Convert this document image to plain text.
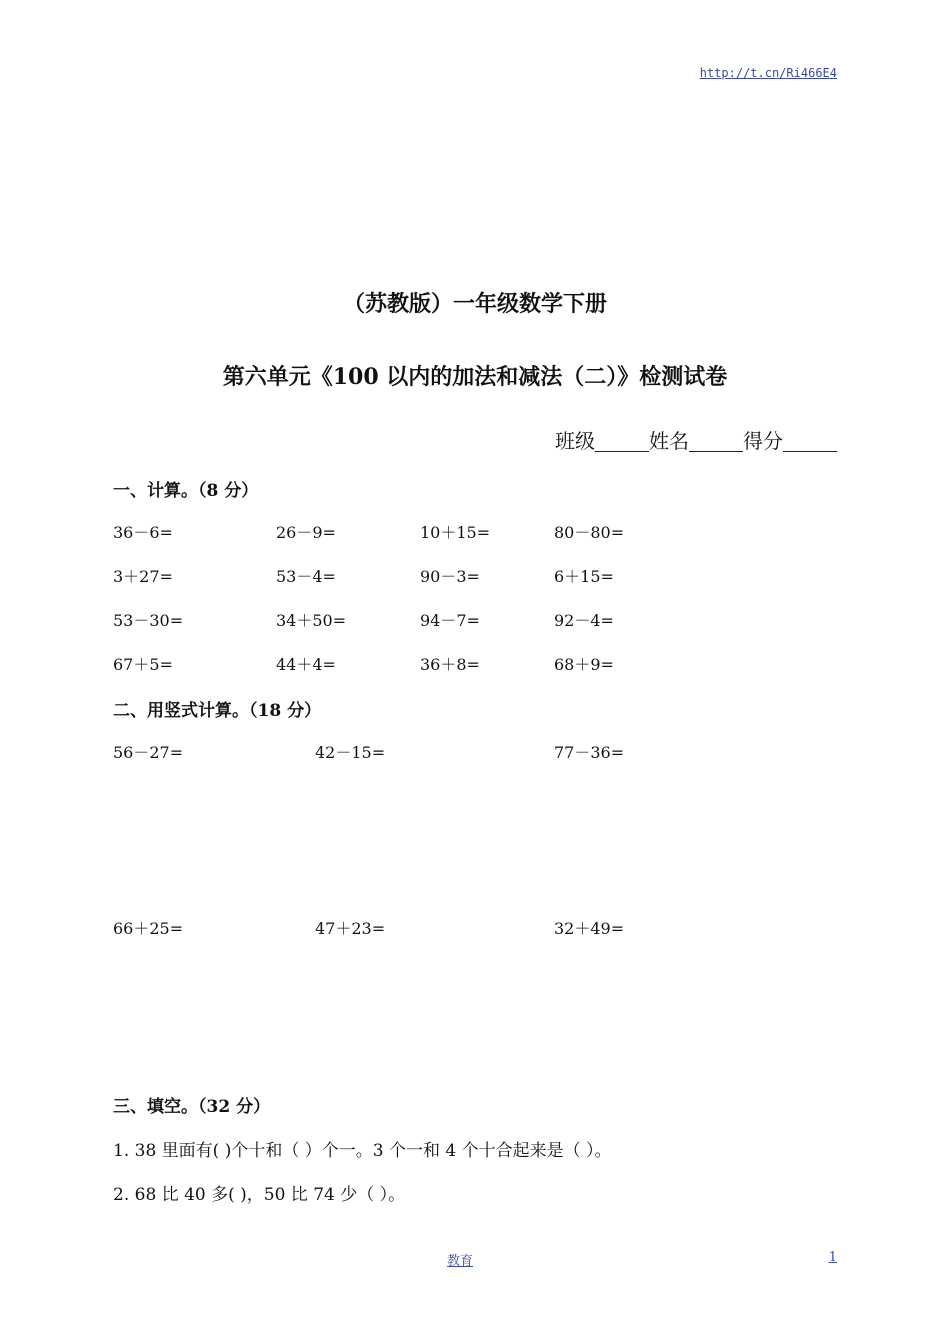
http://t.cn/Ri466E4
（苏教版）一年级数学下册
第六单元《100 以内的加法和减法（二）》检测试卷
班级	姓名	得分
一、计算。（8 分）
36－6=	26－9=	10＋15=	80－80=
3＋27=	53－4=	90－3=	6＋15=
53－30=	34＋50=	94－7=	92－4=
67＋5=	44＋4=	36＋8=	68＋9=
二、用竖式计算。（18 分）
56－27=	42－15=	77－36=
66＋25=	47＋23=	32＋49=
三、填空。（32 分）
1. 38 里面有( )个十和（ ）个一。3 个一和 4 个十合起来是（ ）。
2. 68 比 40 多( )，50 比 74 少（ ）。
教育	1
